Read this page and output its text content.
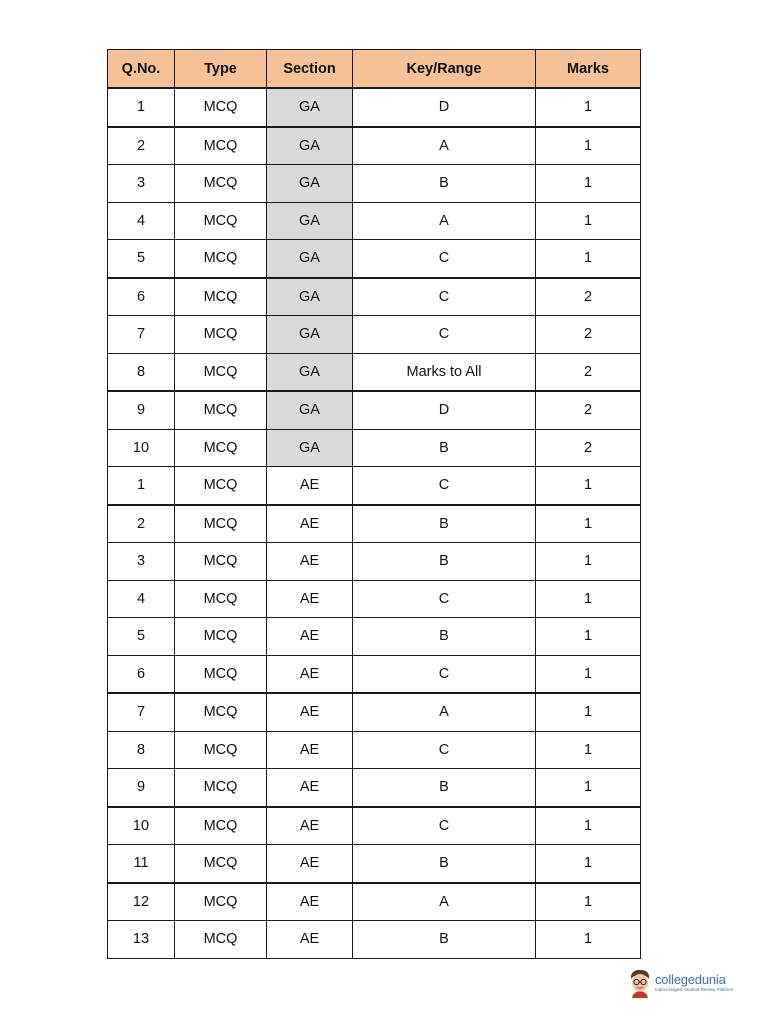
Q.No.	Type	Section	Key/Range	Marks
1	MCQ	GA	D	1
2	MCQ	GA	A	1
3	MCQ	GA	B	1
4	MCQ	GA	A	1
5	MCQ	GA	C	1
6	MCQ	GA	C	2
7	MCQ	GA	C	2
8	MCQ	GA	Marks to All	2
9	MCQ	GA	D	2
10	MCQ	GA	B	2
1	MCQ	AE	C	1
2	MCQ	AE	B	1
3	MCQ	AE	B	1
4	MCQ	AE	C	1
5	MCQ	AE	B	1
6	MCQ	AE	C	1
7	MCQ	AE	A	1
8	MCQ	AE	C	1
9	MCQ	AE	B	1
10	MCQ	AE	C	1
11	MCQ	AE	B	1
12	MCQ	AE	A	1
13	MCQ	AE	B	1
collegedunia
India's largest Student Review Platform
